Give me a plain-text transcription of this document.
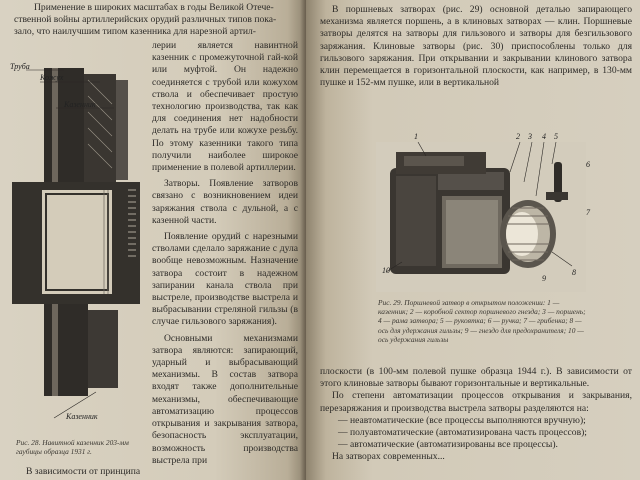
Применение в широких масштабах в годы Великой Отече-

ственной войны артиллерийских орудий различных типов пока-

зало, что наилучшим типом казенника для нарезной артил-

Труба
Кожух
Казенник
Казенник

лерии является навинтной казенник с промежуточной гай-кой или муфтой. Он надежно соединяется с трубой или кожухом ствола и обеспечивает простую технологию производства, так как для соединения нет надобности делать на трубе или кожухе резьбу. По этому казенники такого типа получили наиболее широкое применение в полевой артиллерии.

Затворы. Появление затворов связано с возникновением идеи заряжания ствола с дульной, а с казенной части.

Появление орудий с нарезными стволами сделало заряжание с дула вообще невозможным. Назначение затвора состоит в надежном запирании канала ствола при выстреле, производстве выстрела и выбрасывании стреляной гильзы (в случае гильзового заряжания).

Основными механизмами затвора являются: запирающий, ударный и выбрасывающий механизмы. В состав затвора входят также дополнительные механизмы, обеспечивающие автоматизацию процессов открывания и закрывания затвора, безопасность эксплуатации, возможность производства выстрела при

Рис. 28. Навитной казенник 203-мм гаубицы образца 1931 г.
В зависимости от принципа

В поршневых затворах (рис. 29) основной деталью запирающего механизма является поршень, а в клиновых затворах — клин. Поршневые затворы делятся на затворы для гильзового и затворы для безгильзового заряжания. Клиновые затворы (рис. 30) приспособлены только для гильзового заряжания. При открывании и закрывании клинового затвора клин перемещается в горизонтальной плоскости, как например, в 130-мм пушке и 152-мм пушке, или в вертикальной

1	2 3 4 5
6
7
8
9
10
Рис. 29. Поршневой затвор в открытом положении: 1 — казенник; 2 — коробной сектор поршневого гнезда; 3 — поршень; 4 — рама затвора; 5 — рукоятка; 6 — ручка; 7 — грибенка; 8 — ось для удержания гильзы; 9 — гнездо для предохранителя; 10 — ось удержания гильзы

плоскости (в 100-мм полевой пушке образца 1944 г.). В зависимости от этого клиновые затворы бывают горизонтальные и вертикальные.

По степени автоматизации процессов открывания и закрывания, перезаряжания и производства выстрела затворы разделяются на:

— неавтоматические (все процессы выполняются вручную);

— полуавтоматические (автоматизирована часть процессов);

— автоматические (автоматизированы все процессы).

На затворах современных...
